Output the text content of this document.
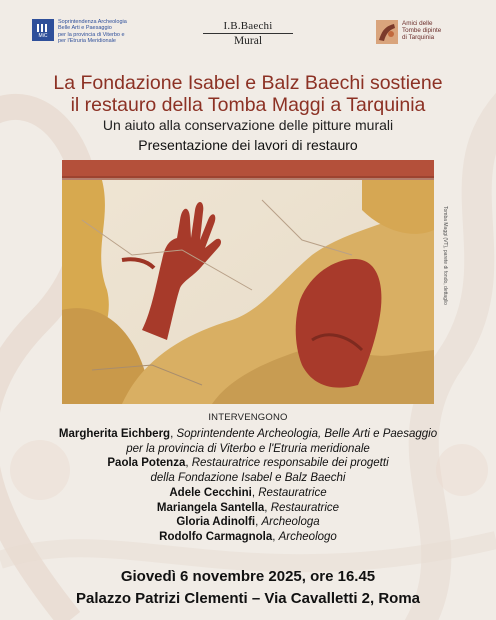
MiC
Soprintendenza Archeologia
Belle Arti e Paesaggio
per la provincia di Viterbo e
per l'Etruria Meridionale
I.B.Baechi
Mural
Amici delle
Tombe dipinte
di Tarquinia
La Fondazione Isabel e Balz Baechi sostiene
il restauro della Tomba Maggi a Tarquinia
Un aiuto alla conservazione delle pitture murali
Presentazione dei lavori di restauro
Tomba Maggi (VT), parete di fondo, dettaglio
INTERVENGONO
Margherita Eichberg, Soprintendente Archeologia, Belle Arti e Paesaggio
per la provincia di Viterbo e l'Etruria meridionale
Paola Potenza, Restauratrice responsabile dei progetti
della Fondazione Isabel e Balz Baechi
Adele Cecchini, Restauratrice
Mariangela Santella, Restauratrice
Gloria Adinolfi, Archeologa
Rodolfo Carmagnola, Archeologo
Giovedì 6 novembre 2025, ore 16.45
Palazzo Patrizi Clementi – Via Cavalletti 2, Roma
